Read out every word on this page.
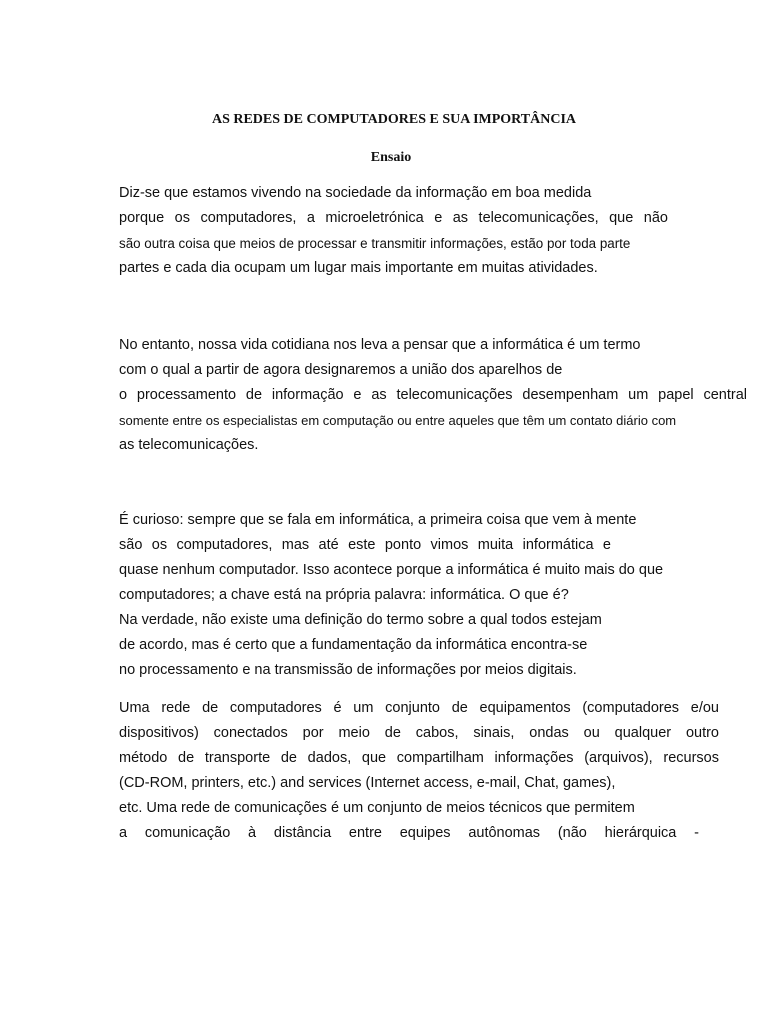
AS REDES DE COMPUTADORES E SUA IMPORTÂNCIA
Ensaio
Diz-se que estamos vivendo na sociedade da informação em boa medida
porque os computadores, a microeletrónica e as telecomunicações, que não
são outra coisa que meios de processar e transmitir informações, estão por toda parte
partes e cada dia ocupam um lugar mais importante em muitas atividades.
No entanto, nossa vida cotidiana nos leva a pensar que a informática é um termo
com o qual a partir de agora designaremos a união dos aparelhos de
o processamento de informação e as telecomunicações desempenham um papel central
somente entre os especialistas em computação ou entre aqueles que têm um contato diário com
as telecomunicações.
É curioso: sempre que se fala em informática, a primeira coisa que vem à mente
são os computadores, mas até este ponto vimos muita informática e
quase nenhum computador. Isso acontece porque a informática é muito mais do que
computadores; a chave está na própria palavra: informática. O que é?
Na verdade, não existe uma definição do termo sobre a qual todos estejam
de acordo, mas é certo que a fundamentação da informática encontra-se
no processamento e na transmissão de informações por meios digitais.
Uma rede de computadores é um conjunto de equipamentos (computadores e/ou
dispositivos) conectados por meio de cabos, sinais, ondas ou qualquer outro
método de transporte de dados, que compartilham informações (arquivos), recursos
(CD-ROM, printers, etc.) and services (Internet access, e-mail, Chat, games),
etc. Uma rede de comunicações é um conjunto de meios técnicos que permitem
a comunicação à distância entre equipes autônomas (não hierárquica -
